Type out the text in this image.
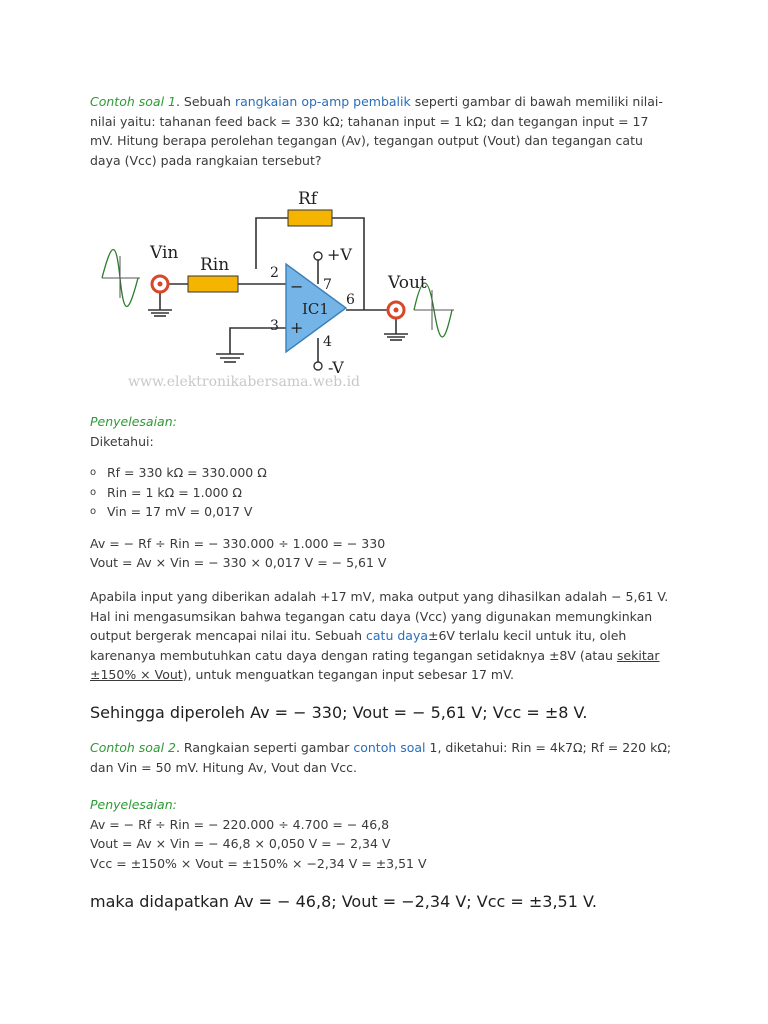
Contoh soal 1. Sebuah rangkaian op-amp pembalik seperti gambar di bawah memiliki nilai-nilai yaitu: tahanan feed back = 330 kΩ; tahanan input = 1 kΩ; dan tegangan input = 17 mV. Hitung berapa perolehan tegangan (Av), tegangan output (Vout) dan tegangan catu daya (Vcc) pada rangkaian tersebut?
Rf
Vin
Rin
Vout
2
3
4
6
7
+V
-V
−
+
IC1
www.elektronikabersama.web.id
Penyelesaian:
Diketahui:
o Rf = 330 kΩ = 330.000 Ω
o Rin = 1 kΩ = 1.000 Ω
o Vin = 17 mV = 0,017 V
Av = − Rf ÷ Rin = − 330.000 ÷ 1.000 = − 330
Vout = Av × Vin = − 330 × 0,017 V = − 5,61 V
Apabila input yang diberikan adalah +17 mV, maka output yang dihasilkan adalah − 5,61 V. Hal ini mengasumsikan bahwa tegangan catu daya (Vcc) yang digunakan memungkinkan output bergerak mencapai nilai itu. Sebuah catu daya±6V terlalu kecil untuk itu, oleh karenanya membutuhkan catu daya dengan rating tegangan setidaknya ±8V (atau sekitar ±150% × Vout), untuk menguatkan tegangan input sebesar 17 mV.
Sehingga diperoleh Av = − 330; Vout = − 5,61 V; Vcc = ±8 V.
Contoh soal 2. Rangkaian seperti gambar contoh soal 1, diketahui: Rin = 4k7Ω; Rf = 220 kΩ; dan Vin = 50 mV. Hitung Av, Vout dan Vcc.
Penyelesaian:
Av = − Rf ÷ Rin = − 220.000 ÷ 4.700 = − 46,8
Vout = Av × Vin = − 46,8 × 0,050 V = − 2,34 V
Vcc = ±150% × Vout = ±150% × −2,34 V = ±3,51 V
maka didapatkan Av = − 46,8; Vout = −2,34 V; Vcc = ±3,51 V.
